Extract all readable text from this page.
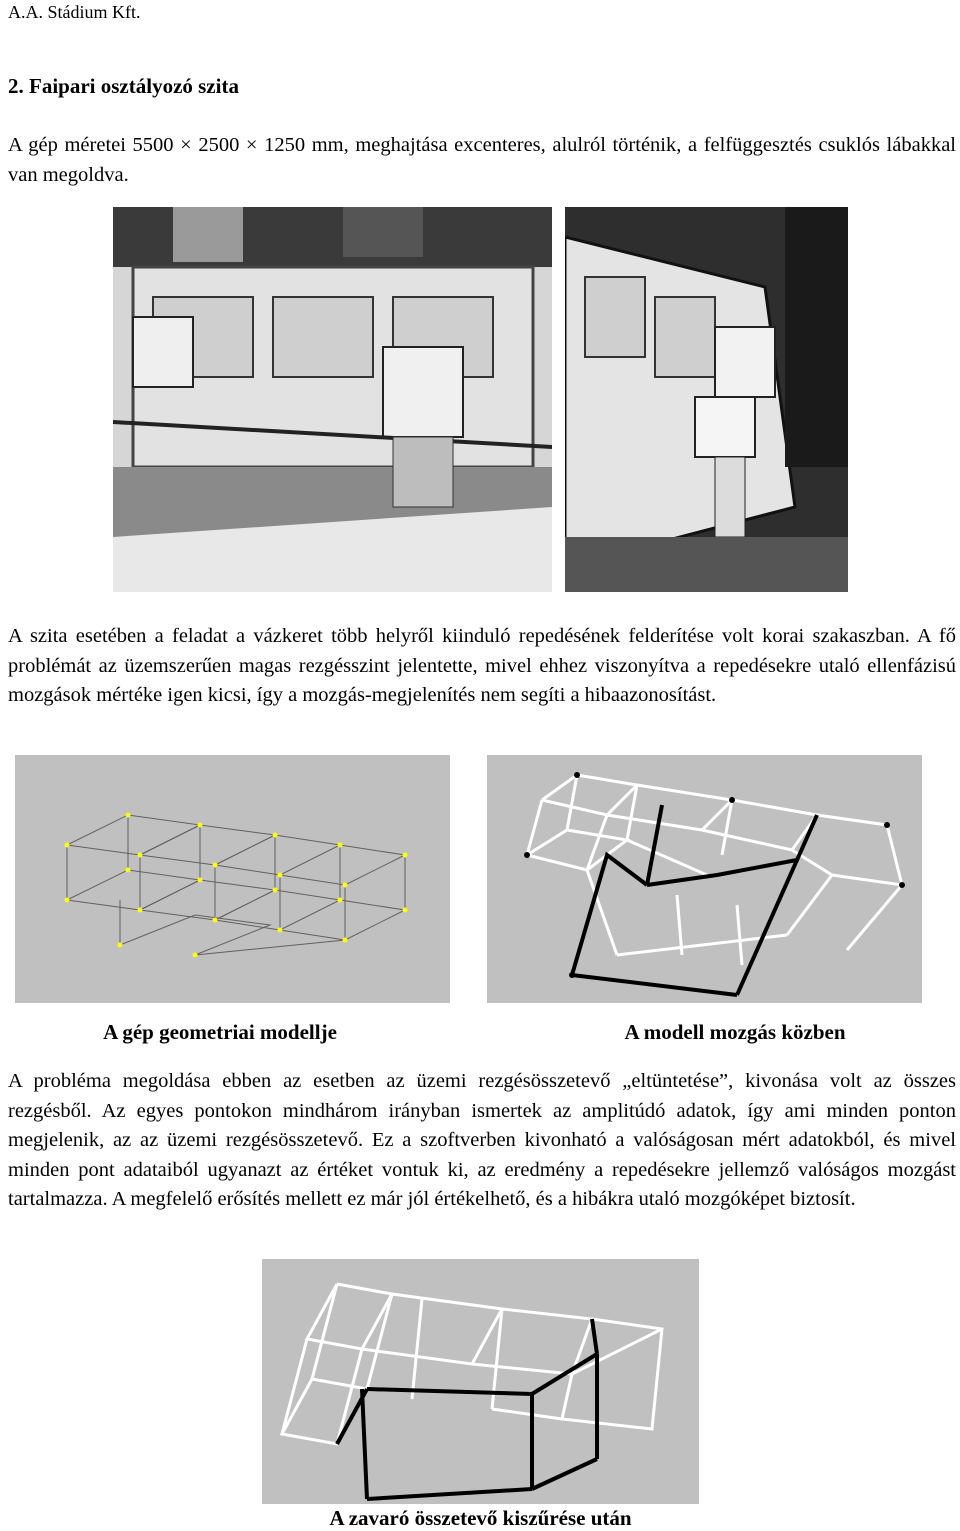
A.A. Stádium Kft.
2. Faipari osztályozó szita
A gép méretei 5500 × 2500 × 1250 mm, meghajtása excenteres, alulról történik, a felfüggesztés csuklós lábakkal van megoldva.
A szita esetében a feladat a vázkeret több helyről kiinduló repedésének felderítése volt korai szakaszban. A fő problémát az üzemszerűen magas rezgésszint jelentette, mivel ehhez viszonyítva a repedésekre utaló ellenfázisú mozgások mértéke igen kicsi, így a mozgás-megjelenítés nem segíti a hibaazonosítást.
A gép geometriai modellje	A modell mozgás közben
A probléma megoldása ebben az esetben az üzemi rezgésösszetevő „eltüntetése”, kivonása volt az összes rezgésből. Az egyes pontokon mindhárom irányban ismertek az amplitúdó adatok, így ami minden ponton megjelenik, az az üzemi rezgésösszetevő. Ez a szoftverben kivonható a valóságosan mért adatokból, és mivel minden pont adataiból ugyanazt az értéket vontuk ki, az eredmény a repedésekre jellemző valóságos mozgást tartalmazza. A megfelelő erősítés mellett ez már jól értékelhető, és a hibákra utaló mozgóképet biztosít.
A zavaró összetevő kiszűrése után
